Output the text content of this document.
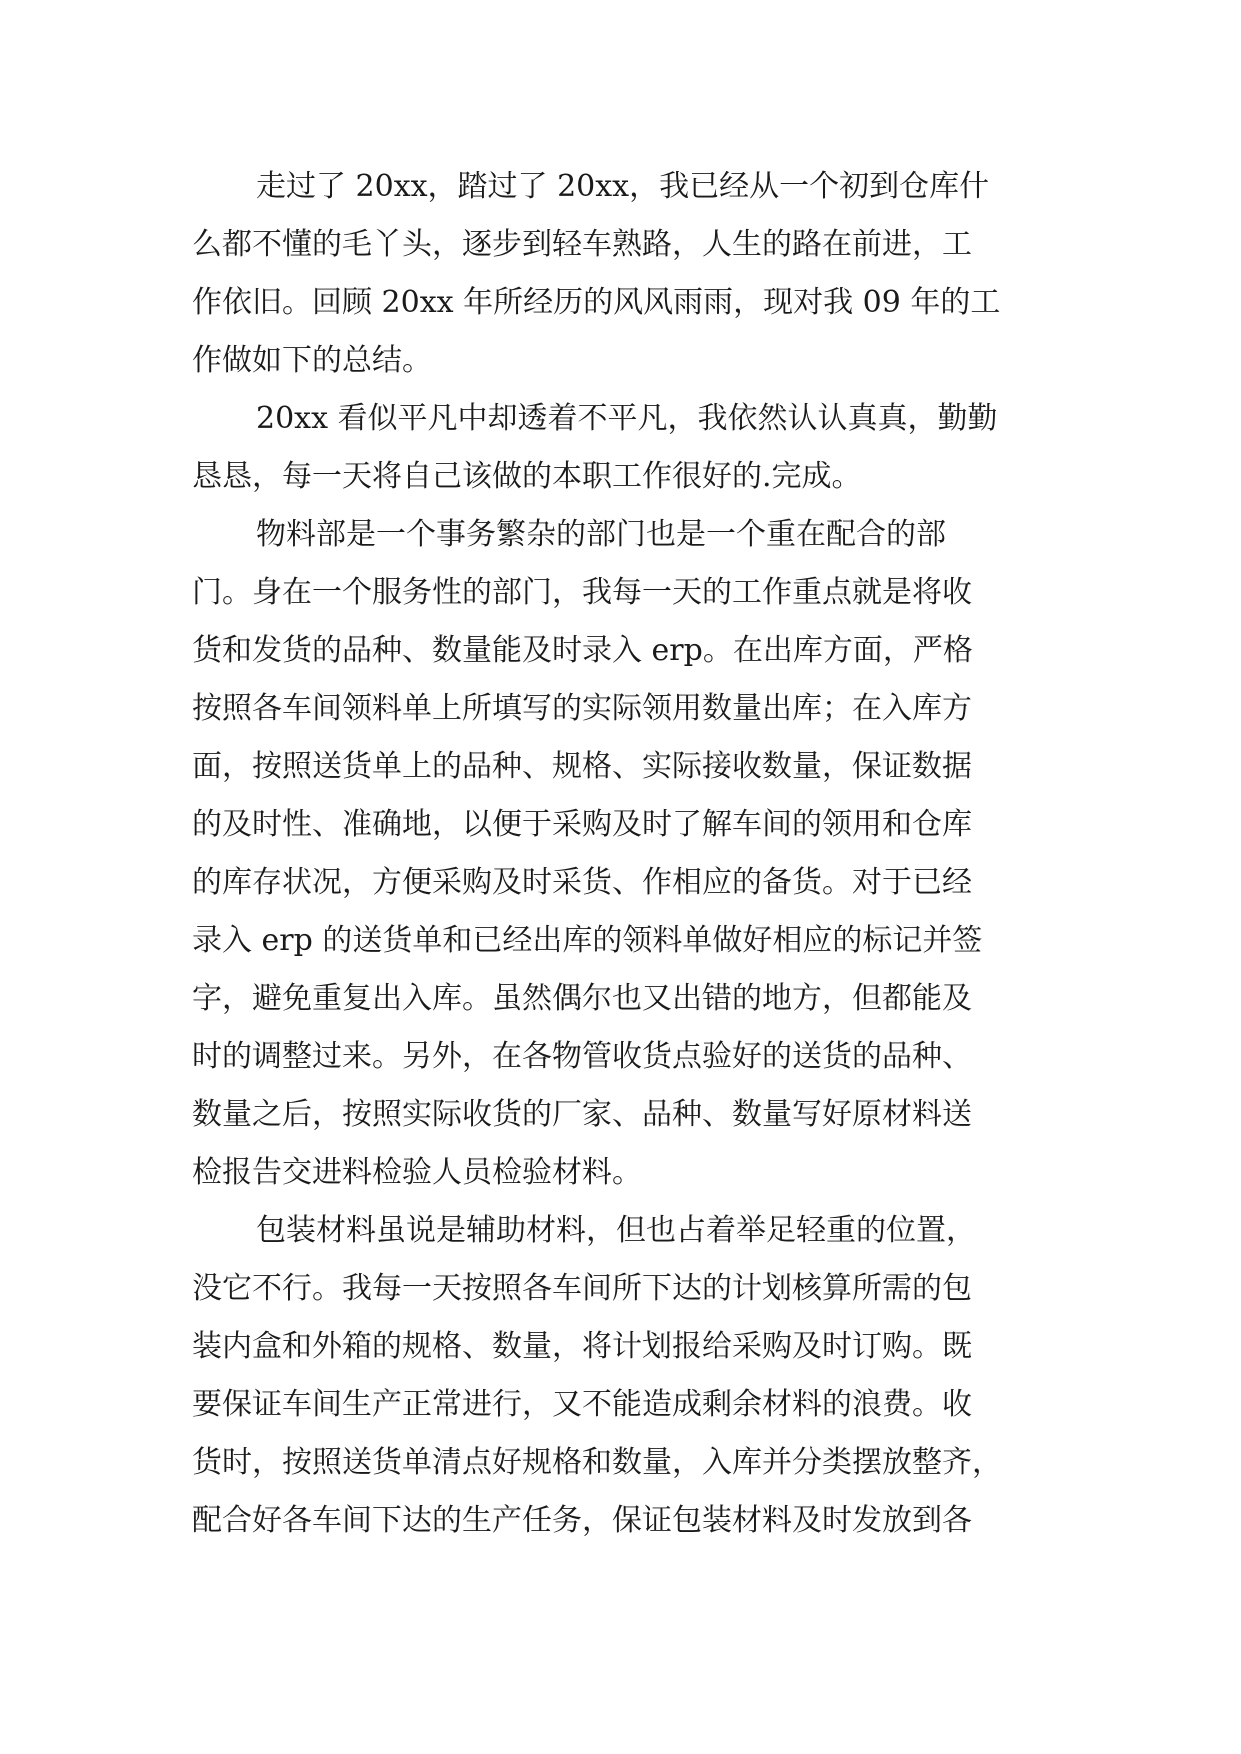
走过了 20xx，踏过了 20xx，我已经从一个初到仓库什
么都不懂的毛丫头，逐步到轻车熟路，人生的路在前进，工
作依旧。回顾 20xx 年所经历的风风雨雨，现对我 09 年的工
作做如下的总结。
20xx 看似平凡中却透着不平凡，我依然认认真真，勤勤
恳恳，每一天将自己该做的本职工作很好的.完成。
物料部是一个事务繁杂的部门也是一个重在配合的部
门。身在一个服务性的部门，我每一天的工作重点就是将收
货和发货的品种、数量能及时录入 erp。在出库方面，严格
按照各车间领料单上所填写的实际领用数量出库；在入库方
面，按照送货单上的品种、规格、实际接收数量，保证数据
的及时性、准确地，以便于采购及时了解车间的领用和仓库
的库存状况，方便采购及时采货、作相应的备货。对于已经
录入 erp 的送货单和已经出库的领料单做好相应的标记并签
字，避免重复出入库。虽然偶尔也又出错的地方，但都能及
时的调整过来。另外，在各物管收货点验好的送货的品种、
数量之后，按照实际收货的厂家、品种、数量写好原材料送
检报告交进料检验人员检验材料。
包装材料虽说是辅助材料，但也占着举足轻重的位置，
没它不行。我每一天按照各车间所下达的计划核算所需的包
装内盒和外箱的规格、数量，将计划报给采购及时订购。既
要保证车间生产正常进行，又不能造成剩余材料的浪费。收
货时，按照送货单清点好规格和数量，入库并分类摆放整齐，
配合好各车间下达的生产任务，保证包装材料及时发放到各
